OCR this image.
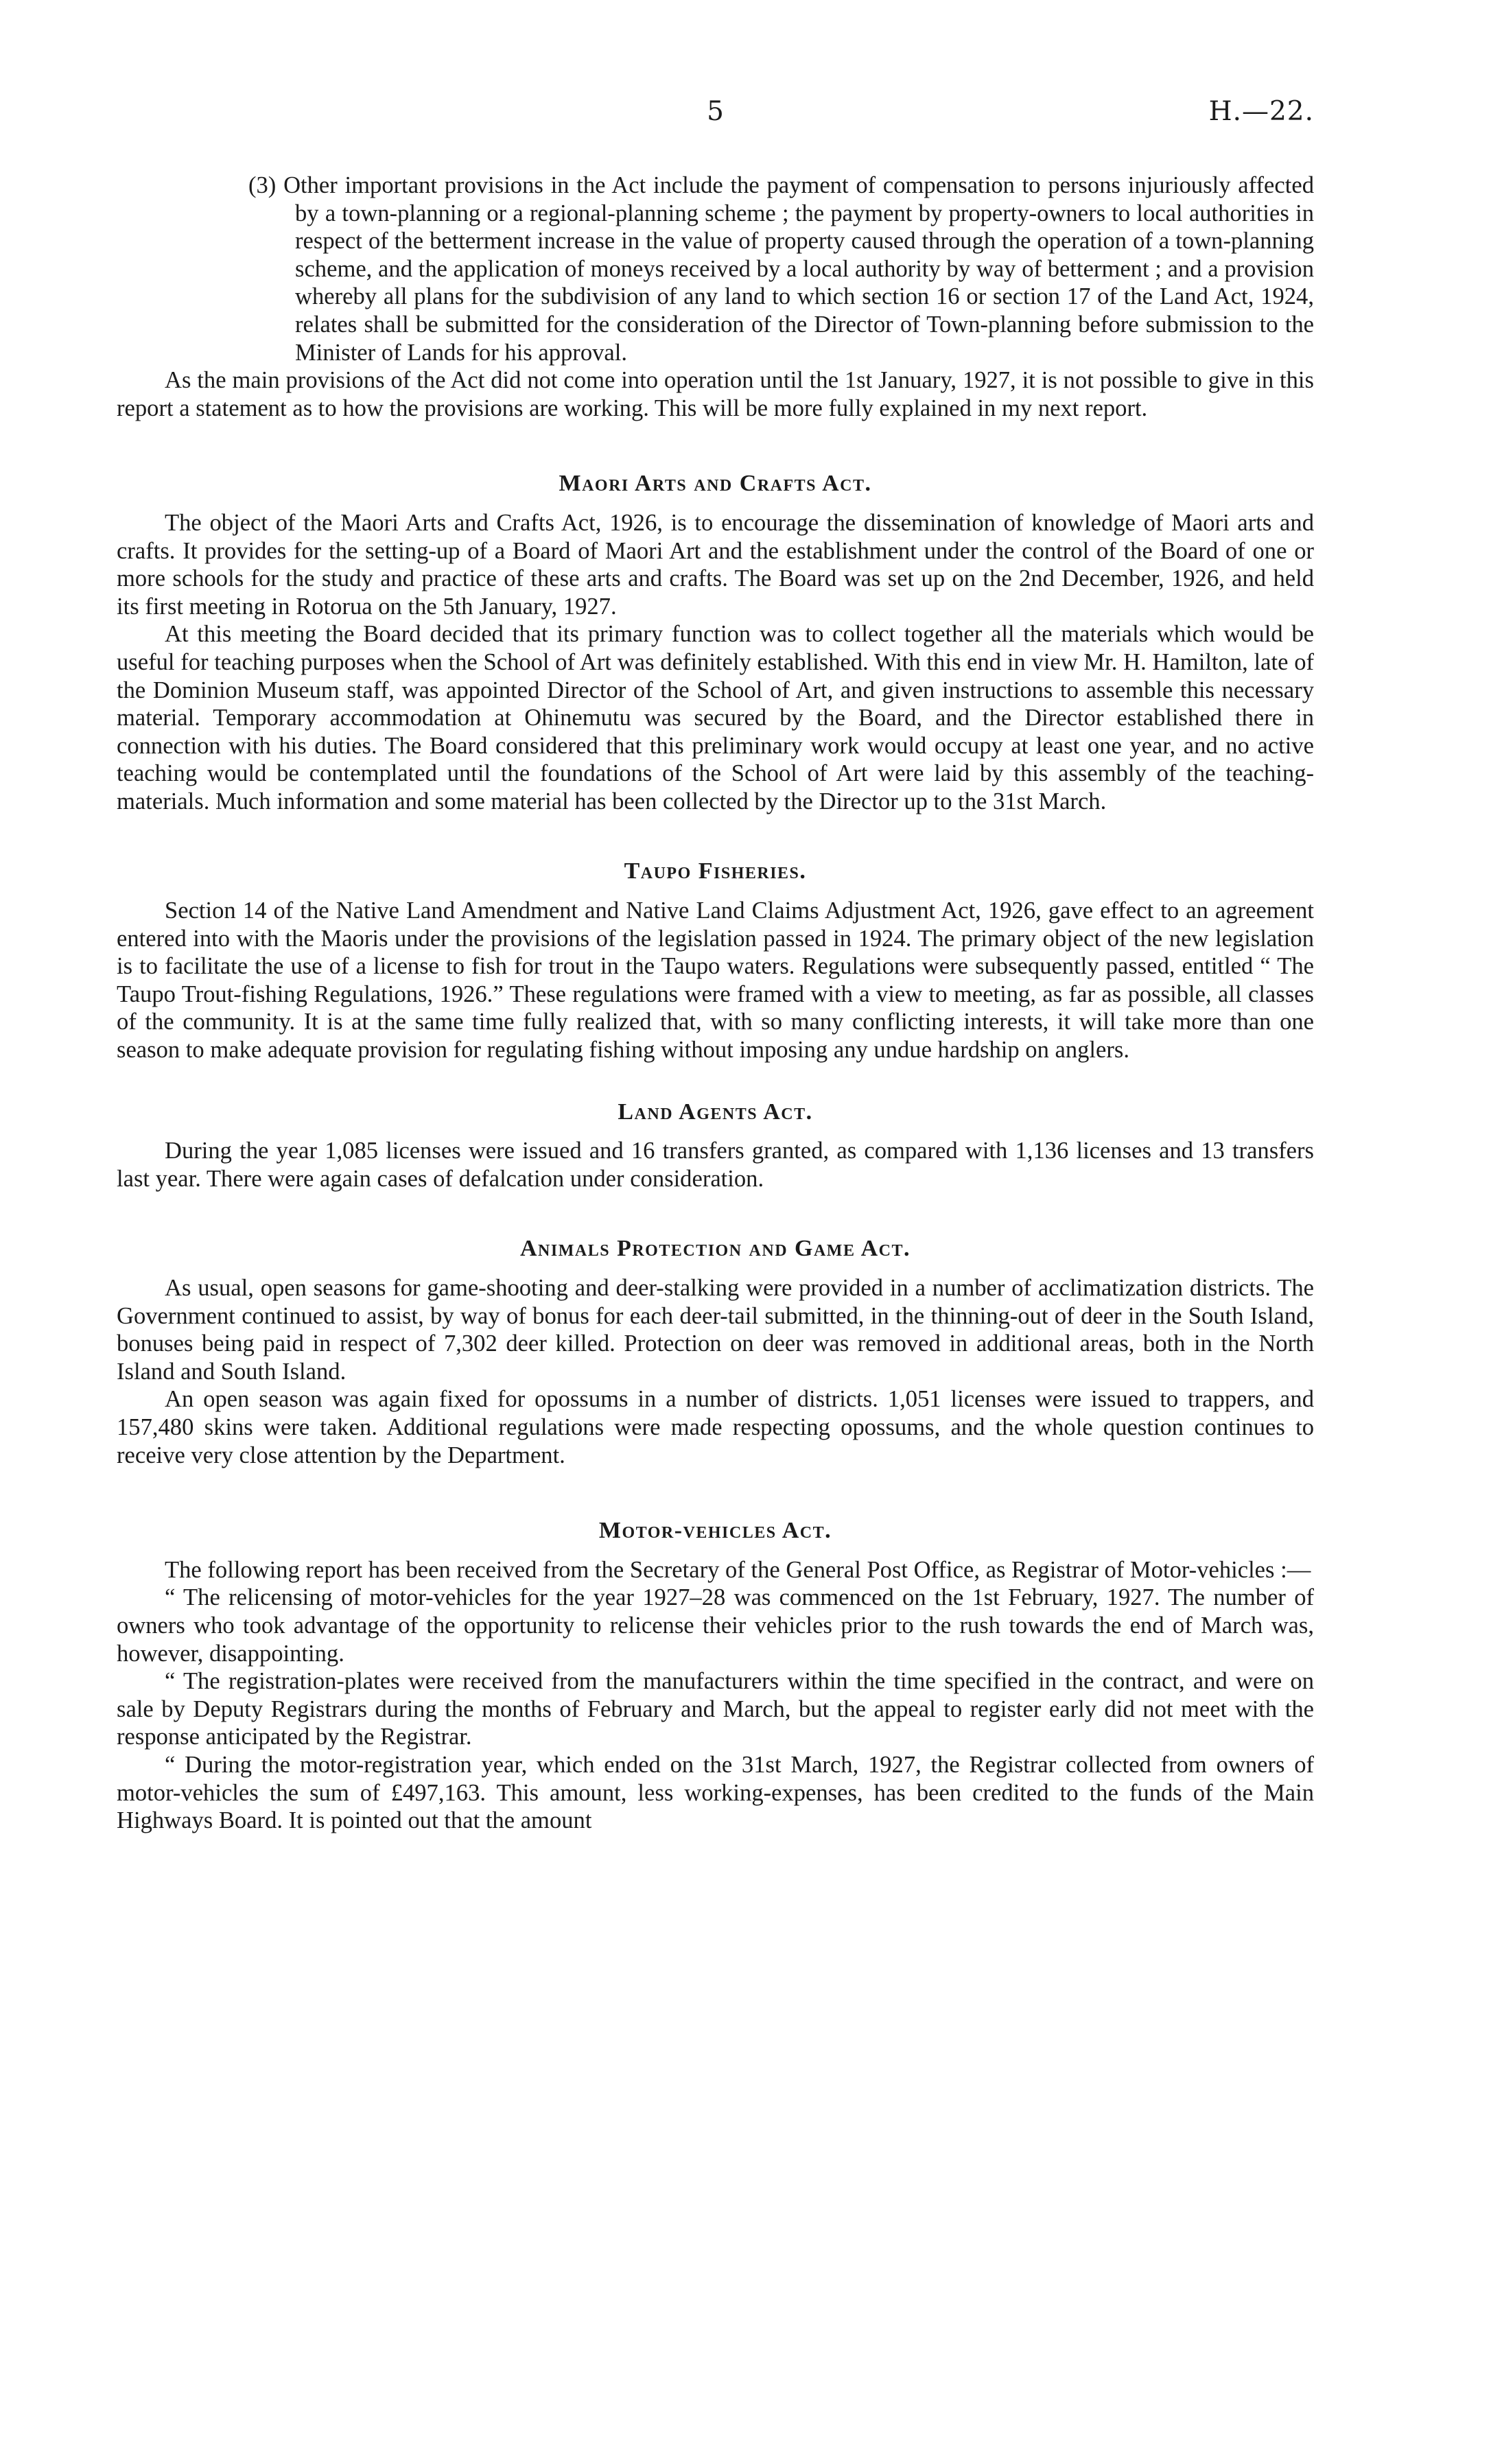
5	H.—22.

(3) Other important provisions in the Act include the payment of compensation to persons injuriously affected by a town-planning or a regional-planning scheme ; the payment by property-owners to local authorities in respect of the betterment increase in the value of property caused through the operation of a town-planning scheme, and the application of moneys received by a local authority by way of betterment ; and a provision whereby all plans for the subdivision of any land to which section 16 or section 17 of the Land Act, 1924, relates shall be submitted for the consideration of the Director of Town-planning before submission to the Minister of Lands for his approval.

As the main provisions of the Act did not come into operation until the 1st January, 1927, it is not possible to give in this report a statement as to how the provisions are working. This will be more fully explained in my next report.

Maori Arts and Crafts Act.

The object of the Maori Arts and Crafts Act, 1926, is to encourage the dissemination of knowledge of Maori arts and crafts. It provides for the setting-up of a Board of Maori Art and the establishment under the control of the Board of one or more schools for the study and practice of these arts and crafts. The Board was set up on the 2nd December, 1926, and held its first meeting in Rotorua on the 5th January, 1927.

At this meeting the Board decided that its primary function was to collect together all the materials which would be useful for teaching purposes when the School of Art was definitely established. With this end in view Mr. H. Hamilton, late of the Dominion Museum staff, was appointed Director of the School of Art, and given instructions to assemble this necessary material. Temporary accommodation at Ohinemutu was secured by the Board, and the Director established there in connection with his duties. The Board considered that this preliminary work would occupy at least one year, and no active teaching would be contemplated until the foundations of the School of Art were laid by this assembly of the teaching-materials. Much information and some material has been collected by the Director up to the 31st March.

Taupo Fisheries.

Section 14 of the Native Land Amendment and Native Land Claims Adjustment Act, 1926, gave effect to an agreement entered into with the Maoris under the provisions of the legislation passed in 1924. The primary object of the new legislation is to facilitate the use of a license to fish for trout in the Taupo waters. Regulations were subsequently passed, entitled “ The Taupo Trout-fishing Regulations, 1926.” These regulations were framed with a view to meeting, as far as possible, all classes of the community. It is at the same time fully realized that, with so many conflicting interests, it will take more than one season to make adequate provision for regulating fishing without imposing any undue hardship on anglers.

Land Agents Act.

During the year 1,085 licenses were issued and 16 transfers granted, as compared with 1,136 licenses and 13 transfers last year. There were again cases of defalcation under consideration.

Animals Protection and Game Act.

As usual, open seasons for game-shooting and deer-stalking were provided in a number of acclimatization districts. The Government continued to assist, by way of bonus for each deer-tail submitted, in the thinning-out of deer in the South Island, bonuses being paid in respect of 7,302 deer killed. Protection on deer was removed in additional areas, both in the North Island and South Island.

An open season was again fixed for opossums in a number of districts. 1,051 licenses were issued to trappers, and 157,480 skins were taken. Additional regulations were made respecting opossums, and the whole question continues to receive very close attention by the Department.

Motor-vehicles Act.

The following report has been received from the Secretary of the General Post Office, as Registrar of Motor-vehicles :—

“ The relicensing of motor-vehicles for the year 1927–28 was commenced on the 1st February, 1927. The number of owners who took advantage of the opportunity to relicense their vehicles prior to the rush towards the end of March was, however, disappointing.

“ The registration-plates were received from the manufacturers within the time specified in the contract, and were on sale by Deputy Registrars during the months of February and March, but the appeal to register early did not meet with the response anticipated by the Registrar.

“ During the motor-registration year, which ended on the 31st March, 1927, the Registrar collected from owners of motor-vehicles the sum of £497,163. This amount, less working-expenses, has been credited to the funds of the Main Highways Board. It is pointed out that the amount
